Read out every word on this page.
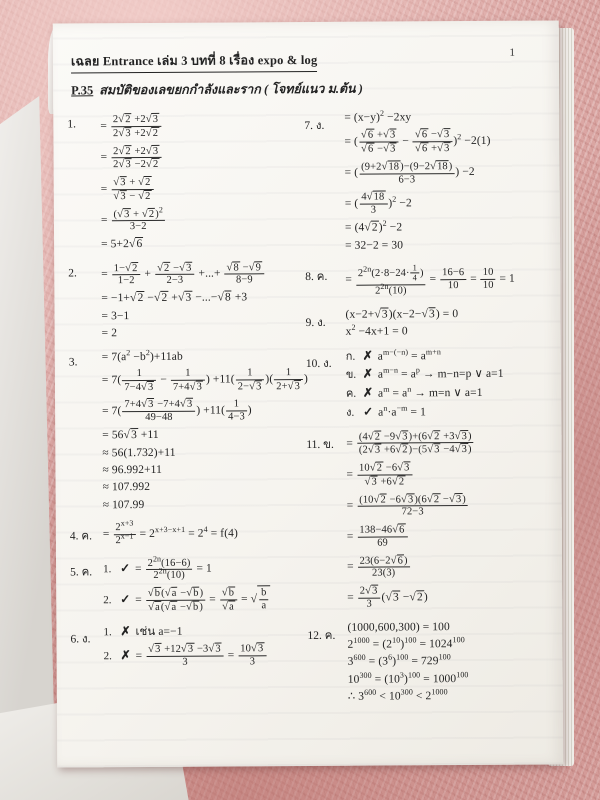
1
เฉลย Entrance เล่ม 3 บทที่ 8 เรื่อง expo & log
P.35 สมบัติของเลขยกกำลังและราก ( โจทย์แนว ม.ต้น )
1.	= $\frac{2√2 +2√3}{2√3 +2√2}$
= $\frac{2√2 +2√3}{2√3 -2√2}$
= $\frac{√3 + √2}{√3 - √2}$
= $\frac{(√3 + √2)^2}{3-2}$
= 5+2√6
2.	= $\frac{1-√2}{1-2} + \frac{√2 -√3}{2-3}$ +...+ $\frac{√8 -√9}{8-9}$
= −1+√2 −√2 +√3 −...−√8 +3
= 3−1
= 2
3.	= $7(a^2 -b^2)+11ab$
= $7( \frac{1}{7-4√3} - \frac{1}{7+4√3}$ ) $+11( \frac{1}{2-√3}$ )( $\frac{1}{2+√3}$ )
= $7( \frac{7+4√3 -7+4√3}{49-48}$ ) $+11( \frac{1}{4-3}$ )
= 56√3 +11
≈ 56(1.732)+11
≈ 96.992+11
≈ 107.992
≈ 107.99
4. ค. = $\frac{2^{x+3}}{2^{x-1}} = 2^{x+3-x+1} = 2^4 = f(4)$
5. ค. 1. ✓ = $\frac{2^{2n}(16-6)}{2^{2n}(10)} = 1$
2. ✓ = $\frac{√b(√a -√b)}{√a(√a -√b)} = \frac{√b}{√a}$ = √ $\frac{b}{a}$
6. ง.
1. ✗ เช่น a=−1
2. ✗ = $\frac{√3 +12√3 -3√3}{3} = \frac{10√3}{3}$
7. ง.
= $(x-y)^2 -2xy$
= ( $\frac{√6 +√3}{√6 -√3} - \frac{√6 -√3}{√6 +√3} )^2 -2(1)$
= ( $\frac{(9+2√18)-(9-2√18)}{6-3}$ ) −2
= ( $\frac{4√18}{3} )^2 -2$
= $(4√2)^2 -2$
= 32−2 = 30
8. ค.	= $\frac{2^{2n}(2\cdot 8-24\cdot \frac{1}{4} )}{2^{2n}(10)} = \frac{16-6}{10} = \frac{10}{10} = 1$
9. ง.
(x−2+√3)(x−2−√3) = 0
$x^2 -4x+1 = 0$
10. ง.
ก. ✗ $a^{m-(-n)} = a^{m+n}$
ข. ✗ $a^{m-n} = a^p \to m-n=p$ ∨ a=1
ค. ✗ $a^m = a^n \to m=n$ ∨ a=1
ง. ✓ $a^n\cdot a^{-m} = 1$
11. ข.	= $\frac{(4√2 -9√3)+(6√2 +3√3)}{(2√3 +6√2)-(5√3 -4√3)}$
= $\frac{10√2 -6√3}{√3 +6√2}$
= $\frac{(10√2 -6√3)(6√2 -√3)}{72-3}$
= $\frac{138-46√6}{69}$
= $\frac{23(6-2√6)}{23(3)}$
= $\frac{2√3}{3} (√3 -√2)$
12. ค.
(1000,600,300) = 100
$2^{1000} = (2^{10})^{100} = 1024^{100}$
$3^{600} = (3^6)^{100} = 729^{100}$
$10^{300} = (10^3)^{100} = 1000^{100}$
∴ $3^{600} < 10^{300} < 2^{1000}$
